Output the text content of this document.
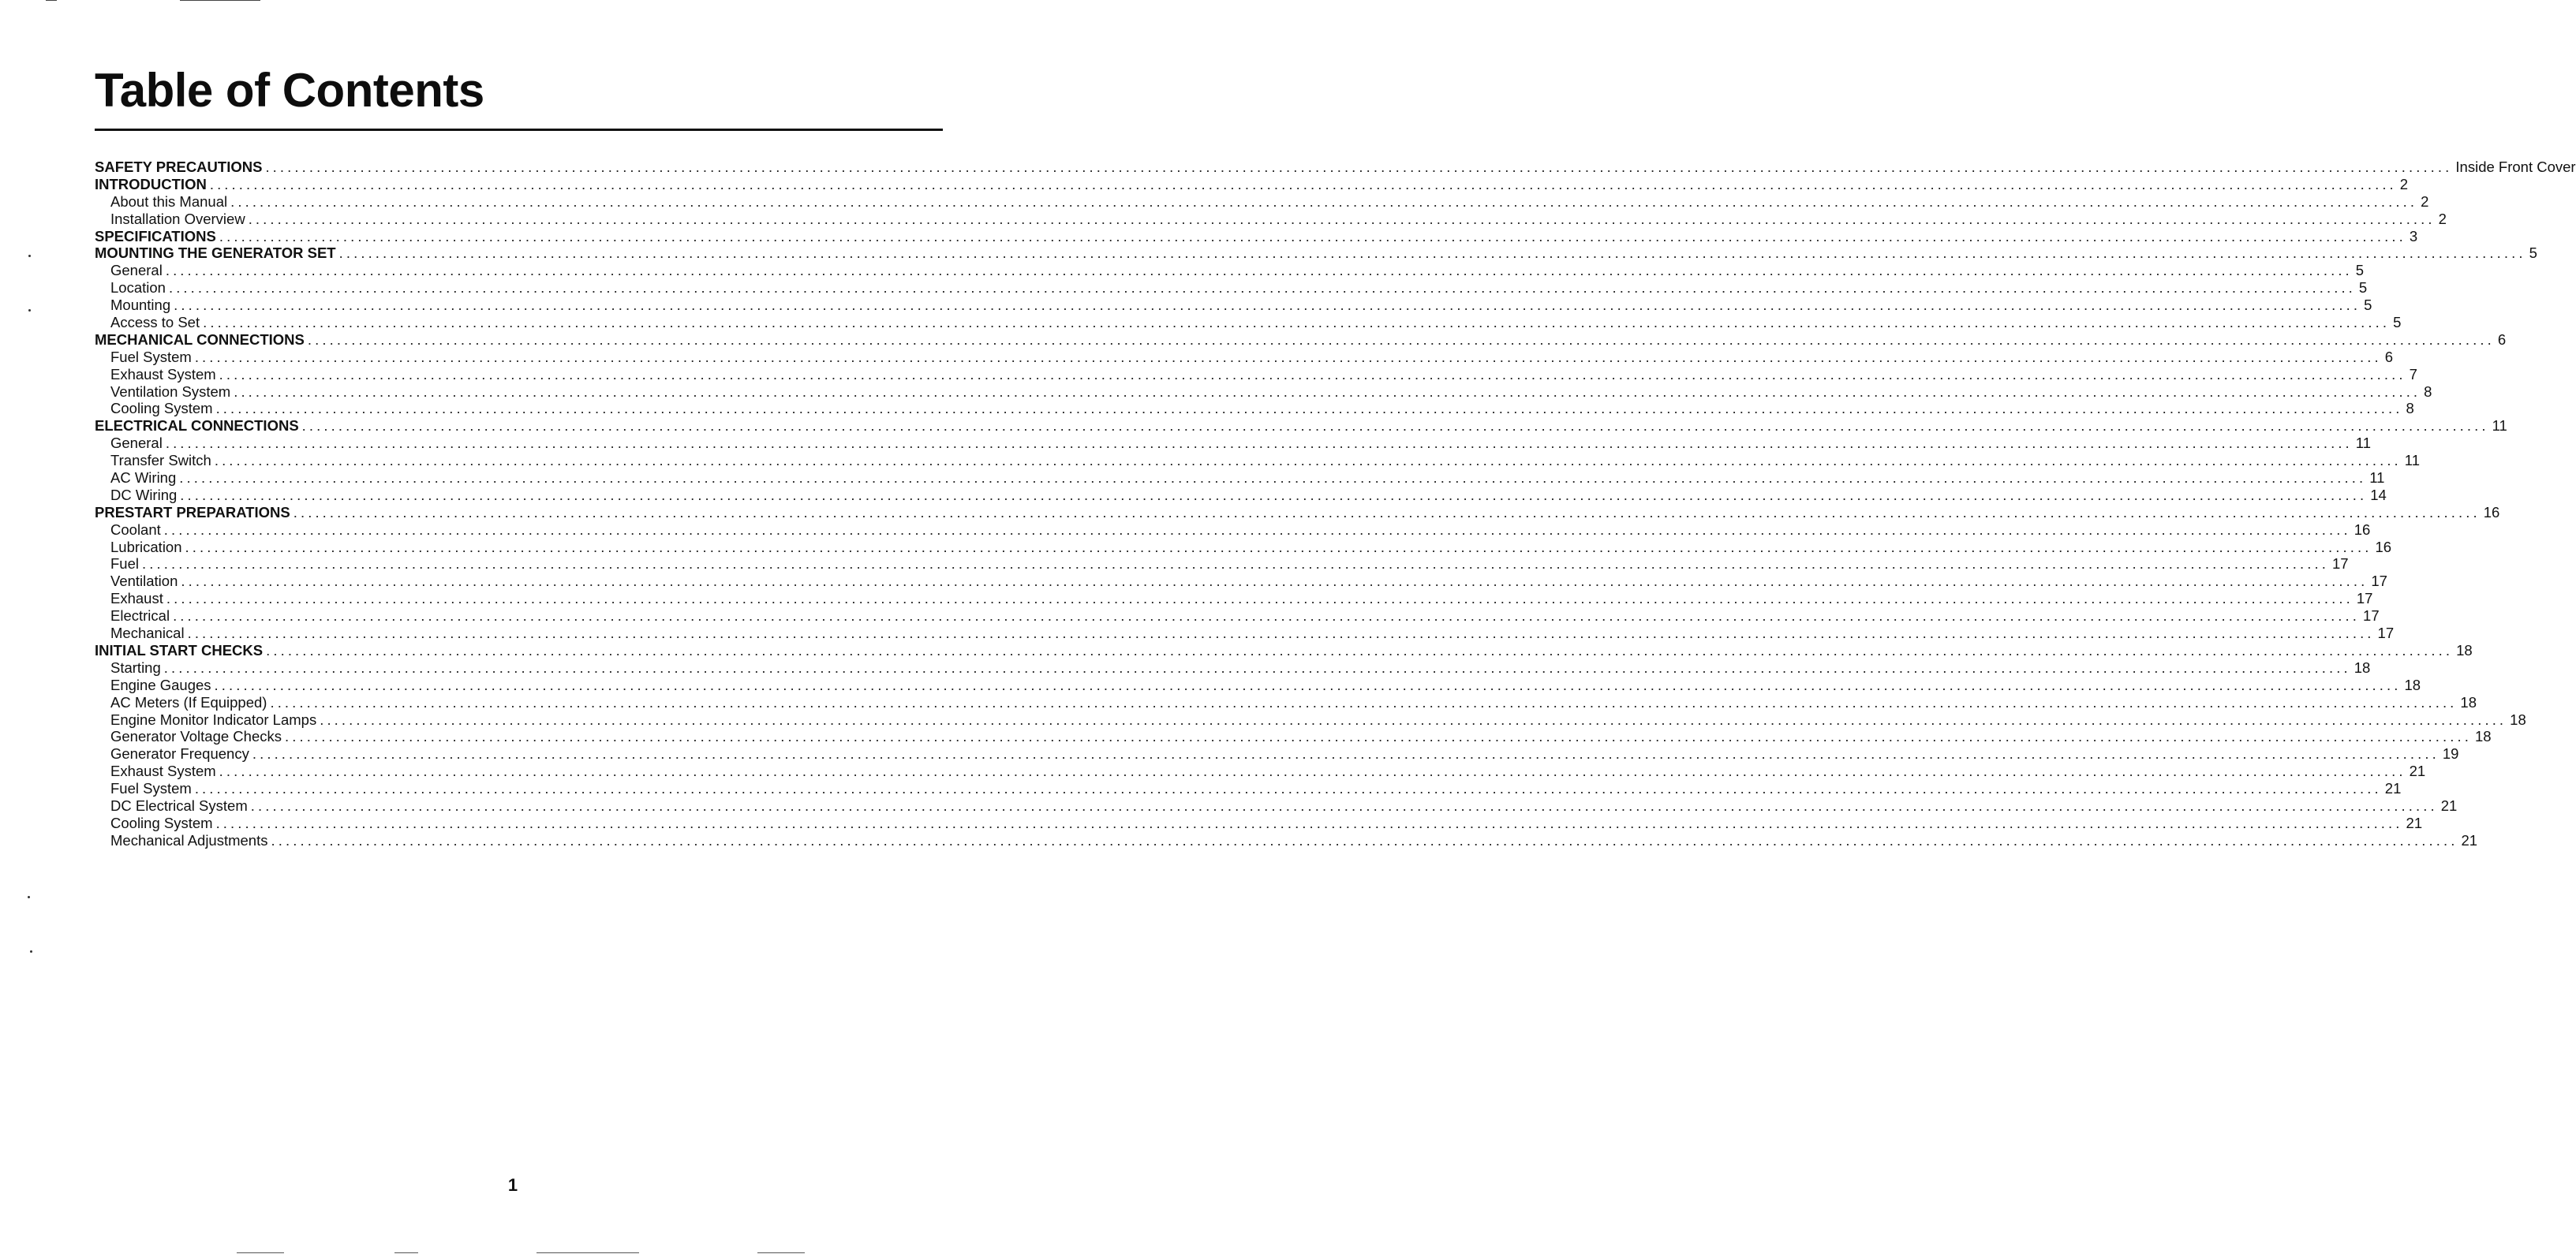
Table of Contents
SAFETY PRECAUTIONS ............................................................................................................................................................................................................................................................................................................ Inside Front Cover
INTRODUCTION ............................................................................................................................................................................................................................................................................................................ 2
About this Manual ............................................................................................................................................................................................................................................................................................................ 2
Installation Overview ............................................................................................................................................................................................................................................................................................................ 2
SPECIFICATIONS ............................................................................................................................................................................................................................................................................................................ 3
MOUNTING THE GENERATOR SET ............................................................................................................................................................................................................................................................................................................ 5
General ............................................................................................................................................................................................................................................................................................................ 5
Location ............................................................................................................................................................................................................................................................................................................ 5
Mounting ............................................................................................................................................................................................................................................................................................................ 5
Access to Set ............................................................................................................................................................................................................................................................................................................ 5
MECHANICAL CONNECTIONS ............................................................................................................................................................................................................................................................................................................ 6
Fuel System ............................................................................................................................................................................................................................................................................................................ 6
Exhaust System ............................................................................................................................................................................................................................................................................................................ 7
Ventilation System ............................................................................................................................................................................................................................................................................................................ 8
Cooling System ............................................................................................................................................................................................................................................................................................................ 8
ELECTRICAL CONNECTIONS ............................................................................................................................................................................................................................................................................................................ 11
General ............................................................................................................................................................................................................................................................................................................ 11
Transfer Switch ............................................................................................................................................................................................................................................................................................................ 11
AC Wiring ............................................................................................................................................................................................................................................................................................................ 11
DC Wiring ............................................................................................................................................................................................................................................................................................................ 14
PRESTART PREPARATIONS ............................................................................................................................................................................................................................................................................................................ 16
Coolant ............................................................................................................................................................................................................................................................................................................ 16
Lubrication ............................................................................................................................................................................................................................................................................................................ 16
Fuel ............................................................................................................................................................................................................................................................................................................ 17
Ventilation ............................................................................................................................................................................................................................................................................................................ 17
Exhaust ............................................................................................................................................................................................................................................................................................................ 17
Electrical ............................................................................................................................................................................................................................................................................................................ 17
Mechanical ............................................................................................................................................................................................................................................................................................................ 17
INITIAL START CHECKS ............................................................................................................................................................................................................................................................................................................ 18
Starting ............................................................................................................................................................................................................................................................................................................ 18
Engine Gauges ............................................................................................................................................................................................................................................................................................................ 18
AC Meters (If Equipped) ............................................................................................................................................................................................................................................................................................................ 18
Engine Monitor Indicator Lamps ............................................................................................................................................................................................................................................................................................................ 18
Generator Voltage Checks ............................................................................................................................................................................................................................................................................................................ 18
Generator Frequency ............................................................................................................................................................................................................................................................................................................ 19
Exhaust System ............................................................................................................................................................................................................................................................................................................ 21
Fuel System ............................................................................................................................................................................................................................................................................................................ 21
DC Electrical System ............................................................................................................................................................................................................................................................................................................ 21
Cooling System ............................................................................................................................................................................................................................................................................................................ 21
Mechanical Adjustments ............................................................................................................................................................................................................................................................................................................ 21
1
